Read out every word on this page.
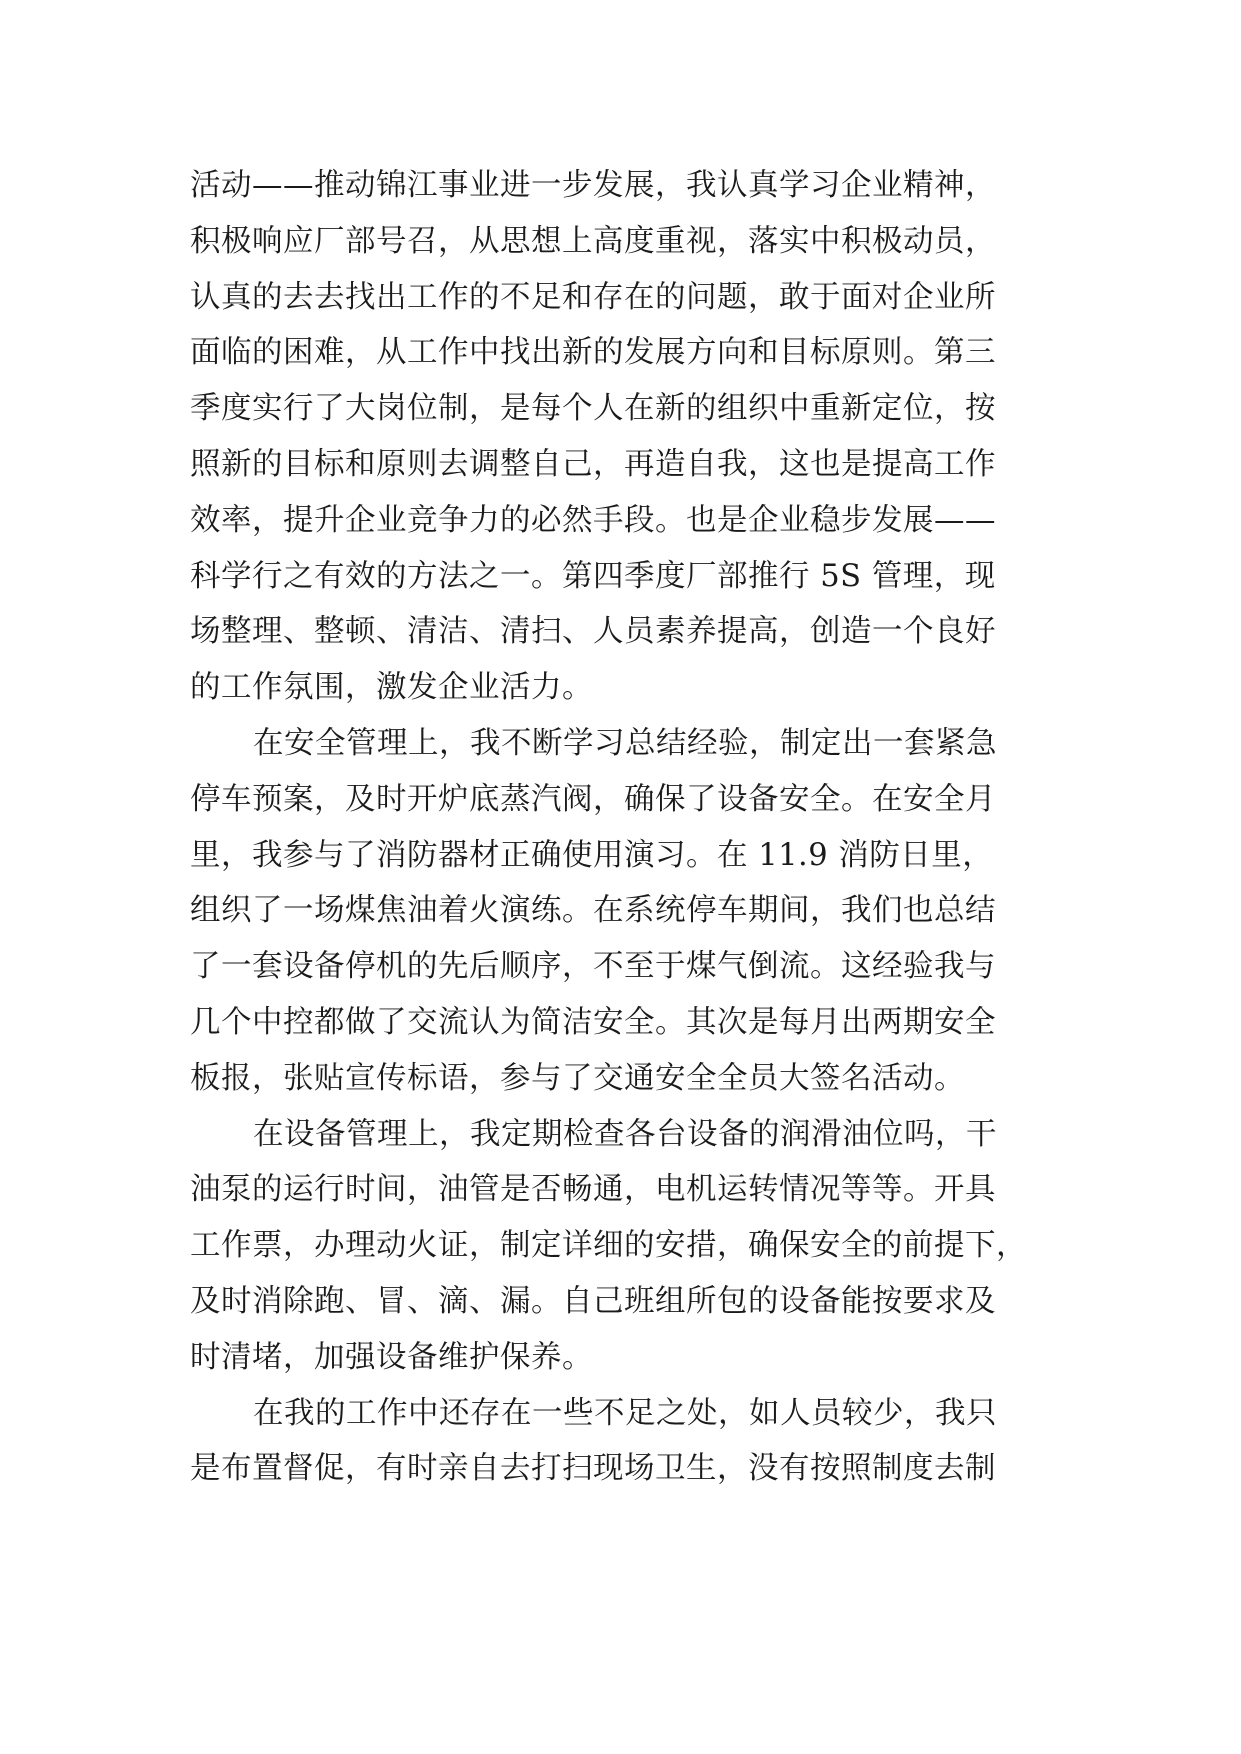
活动——推动锦江事业进一步发展，我认真学习企业精神，
积极响应厂部号召，从思想上高度重视，落实中积极动员，
认真的去去找出工作的不足和存在的问题，敢于面对企业所
面临的困难，从工作中找出新的发展方向和目标原则。第三
季度实行了大岗位制，是每个人在新的组织中重新定位，按
照新的目标和原则去调整自己，再造自我，这也是提高工作
效率，提升企业竞争力的必然手段。也是企业稳步发展——
科学行之有效的方法之一。第四季度厂部推行 5S 管理，现
场整理、整顿、清洁、清扫、人员素养提高，创造一个良好
的工作氛围，激发企业活力。
在安全管理上，我不断学习总结经验，制定出一套紧急
停车预案，及时开炉底蒸汽阀，确保了设备安全。在安全月
里，我参与了消防器材正确使用演习。在 11.9 消防日里，
组织了一场煤焦油着火演练。在系统停车期间，我们也总结
了一套设备停机的先后顺序，不至于煤气倒流。这经验我与
几个中控都做了交流认为简洁安全。其次是每月出两期安全
板报，张贴宣传标语，参与了交通安全全员大签名活动。
在设备管理上，我定期检查各台设备的润滑油位吗，干
油泵的运行时间，油管是否畅通，电机运转情况等等。开具
工作票，办理动火证，制定详细的安措，确保安全的前提下，
及时消除跑、冒、滴、漏。自己班组所包的设备能按要求及
时清堵，加强设备维护保养。
在我的工作中还存在一些不足之处，如人员较少，我只
是布置督促，有时亲自去打扫现场卫生，没有按照制度去制
